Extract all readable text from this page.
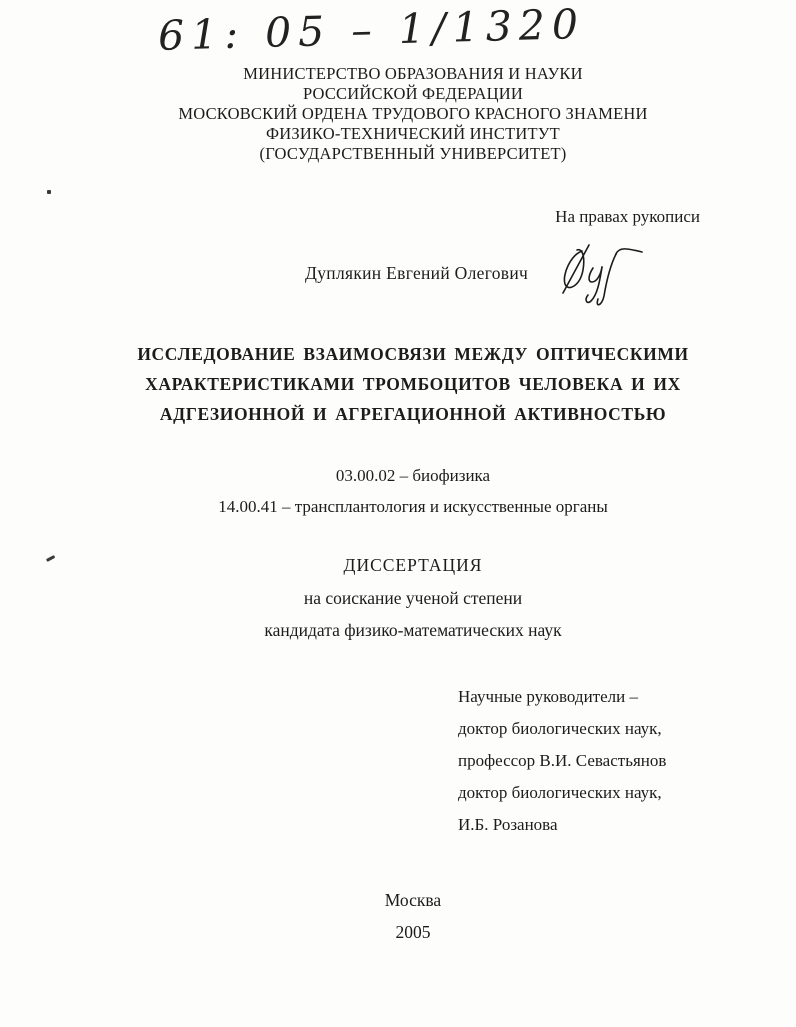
61: 05 – 1/1320
МИНИСТЕРСТВО ОБРАЗОВАНИЯ И НАУКИ
РОССИЙСКОЙ ФЕДЕРАЦИИ
МОСКОВСКИЙ ОРДЕНА ТРУДОВОГО КРАСНОГО ЗНАМЕНИ
ФИЗИКО-ТЕХНИЧЕСКИЙ ИНСТИТУТ
(ГОСУДАРСТВЕННЫЙ УНИВЕРСИТЕТ)
На правах рукописи
Дуплякин Евгений Олегович
ИССЛЕДОВАНИЕ ВЗАИМОСВЯЗИ МЕЖДУ ОПТИЧЕСКИМИ
ХАРАКТЕРИСТИКАМИ ТРОМБОЦИТОВ ЧЕЛОВЕКА И ИХ
АДГЕЗИОННОЙ И АГРЕГАЦИОННОЙ АКТИВНОСТЬЮ
03.00.02 – биофизика
14.00.41 – трансплантология и искусственные органы
ДИССЕРТАЦИЯ
на соискание ученой степени
кандидата физико-математических наук
Научные руководители –
доктор биологических наук,
профессор В.И. Севастьянов
доктор биологических наук,
И.Б. Розанова
Москва
2005
